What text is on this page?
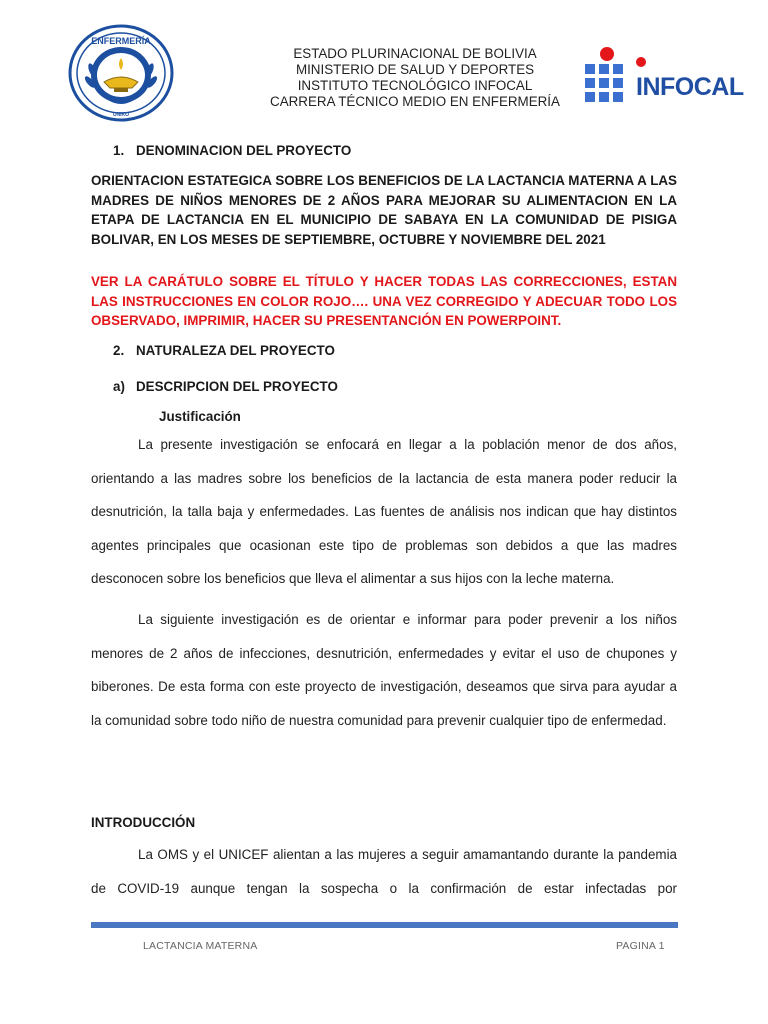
ENFERMERÍA
UNIKO
ESTADO PLURINACIONAL DE BOLIVIA
MINISTERIO DE SALUD Y DEPORTES
INSTITUTO TECNOLÓGICO INFOCAL
CARRERA TÉCNICO MEDIO EN ENFERMERÍA
INFOCAL
1. DENOMINACION DEL PROYECTO
ORIENTACION ESTATEGICA SOBRE LOS BENEFICIOS DE LA LACTANCIA MATERNA A LAS MADRES DE NIÑOS MENORES DE 2 AÑOS PARA MEJORAR SU ALIMENTACION EN LA ETAPA DE LACTANCIA EN EL MUNICIPIO DE SABAYA EN LA COMUNIDAD DE PISIGA BOLIVAR, EN LOS MESES DE SEPTIEMBRE, OCTUBRE Y NOVIEMBRE DEL 2021
VER LA CARÁTULO SOBRE EL TÍTULO Y HACER TODAS LAS CORRECCIONES, ESTAN LAS INSTRUCCIONES EN COLOR ROJO…. UNA VEZ CORREGIDO Y ADECUAR TODO LOS OBSERVADO, IMPRIMIR, HACER SU PRESENTANCIÓN EN POWERPOINT.
2. NATURALEZA DEL PROYECTO
a) DESCRIPCION DEL PROYECTO
Justificación
La presente investigación se enfocará en llegar a la población menor de dos años, orientando a las madres sobre los beneficios de la lactancia de esta manera poder reducir la desnutrición, la talla baja y enfermedades. Las fuentes de análisis nos indican que hay distintos agentes principales que ocasionan este tipo de problemas son debidos a que las madres desconocen sobre los beneficios que lleva el alimentar a sus hijos con la leche materna.
La siguiente investigación es de orientar e informar para poder prevenir a los niños menores de 2 años de infecciones, desnutrición, enfermedades y evitar el uso de chupones y biberones. De esta forma con este proyecto de investigación, deseamos que sirva para ayudar a la comunidad sobre todo niño de nuestra comunidad para prevenir cualquier tipo de enfermedad.
INTRODUCCIÓN
La OMS y el UNICEF alientan a las mujeres a seguir amamantando durante la pandemia de COVID-19 aunque tengan la sospecha o la confirmación de estar infectadas por
LACTANCIA MATERNA	PAGINA 1
